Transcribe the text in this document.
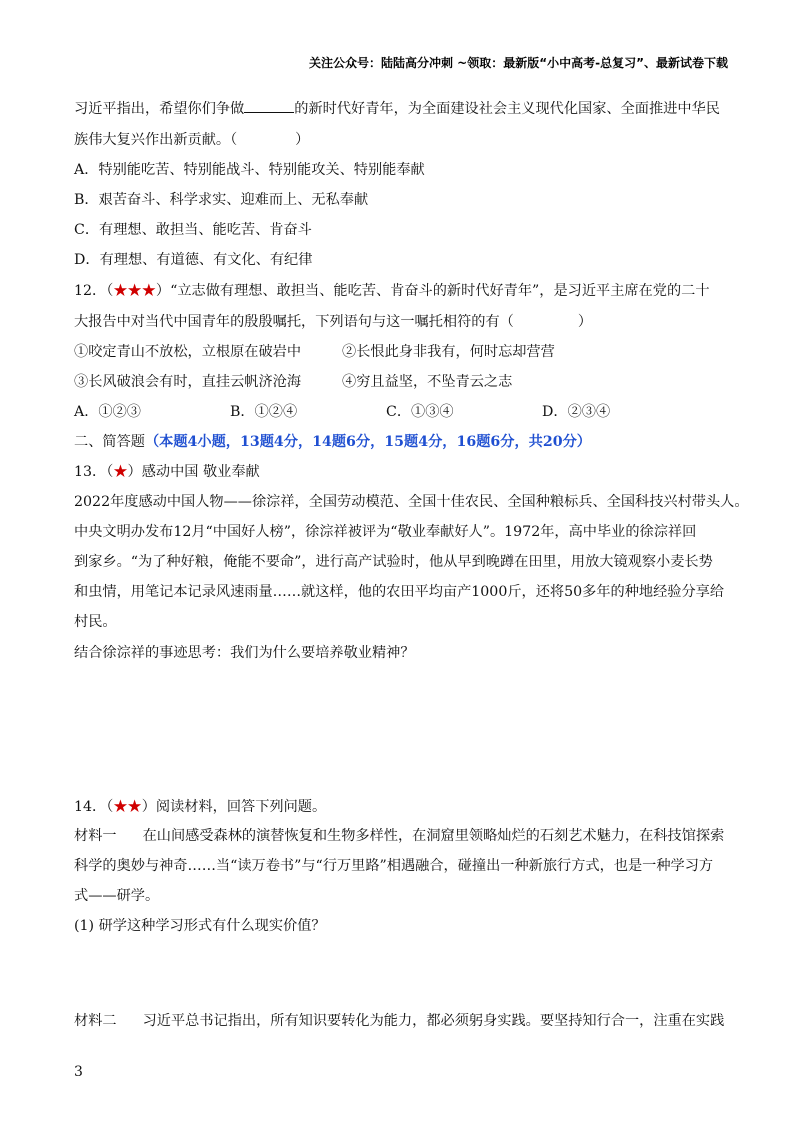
关注公众号：陆陆高分冲刺 ~领取：最新版“小中高考-总复习”、最新试卷下载
习近平指出，希望你们争做	的新时代好青年，为全面建设社会主义现代化国家、全面推进中华民
族伟大复兴作出新贡献。（	）
A．特别能吃苦、特别能战斗、特别能攻关、特别能奉献
B．艰苦奋斗、科学求实、迎难而上、无私奉献
C．有理想、敢担当、能吃苦、肯奋斗
D．有理想、有道德、有文化、有纪律
12．（★★★）“立志做有理想、敢担当、能吃苦、肯奋斗的新时代好青年”，是习近平主席在党的二十
大报告中对当代中国青年的殷殷嘱托，下列语句与这一嘱托相符的有（	）
①咬定青山不放松，立根原在破岩中	②长恨此身非我有，何时忘却营营
③长风破浪会有时，直挂云帆济沧海	④穷且益坚，不坠青云之志
A．①②③	B．①②④	C．①③④	D．②③④
二、简答题（本题4小题，13题4分，14题6分，15题4分，16题6分，共20分）
13．（★）感动中国 敬业奉献
2022年度感动中国人物——徐淙祥，全国劳动模范、全国十佳农民、全国种粮标兵、全国科技兴村带头人。
中央文明办发布12月“中国好人榜”，徐淙祥被评为“敬业奉献好人”。1972年，高中毕业的徐淙祥回
到家乡。“为了种好粮，俺能不要命”，进行高产试验时，他从早到晚蹲在田里，用放大镜观察小麦长势
和虫情，用笔记本记录风速雨量……就这样，他的农田平均亩产1000斤，还将50多年的种地经验分享给
村民。
结合徐淙祥的事迹思考：我们为什么要培养敬业精神？
14．（★★）阅读材料，回答下列问题。
材料一 在山间感受森林的演替恢复和生物多样性，在洞窟里领略灿烂的石刻艺术魅力，在科技馆探索
科学的奥妙与神奇……当“读万卷书”与“行万里路”相遇融合，碰撞出一种新旅行方式，也是一种学习方
式——研学。
(1) 研学这种学习形式有什么现实价值？
材料二 习近平总书记指出，所有知识要转化为能力，都必须躬身实践。要坚持知行合一，注重在实践
3
